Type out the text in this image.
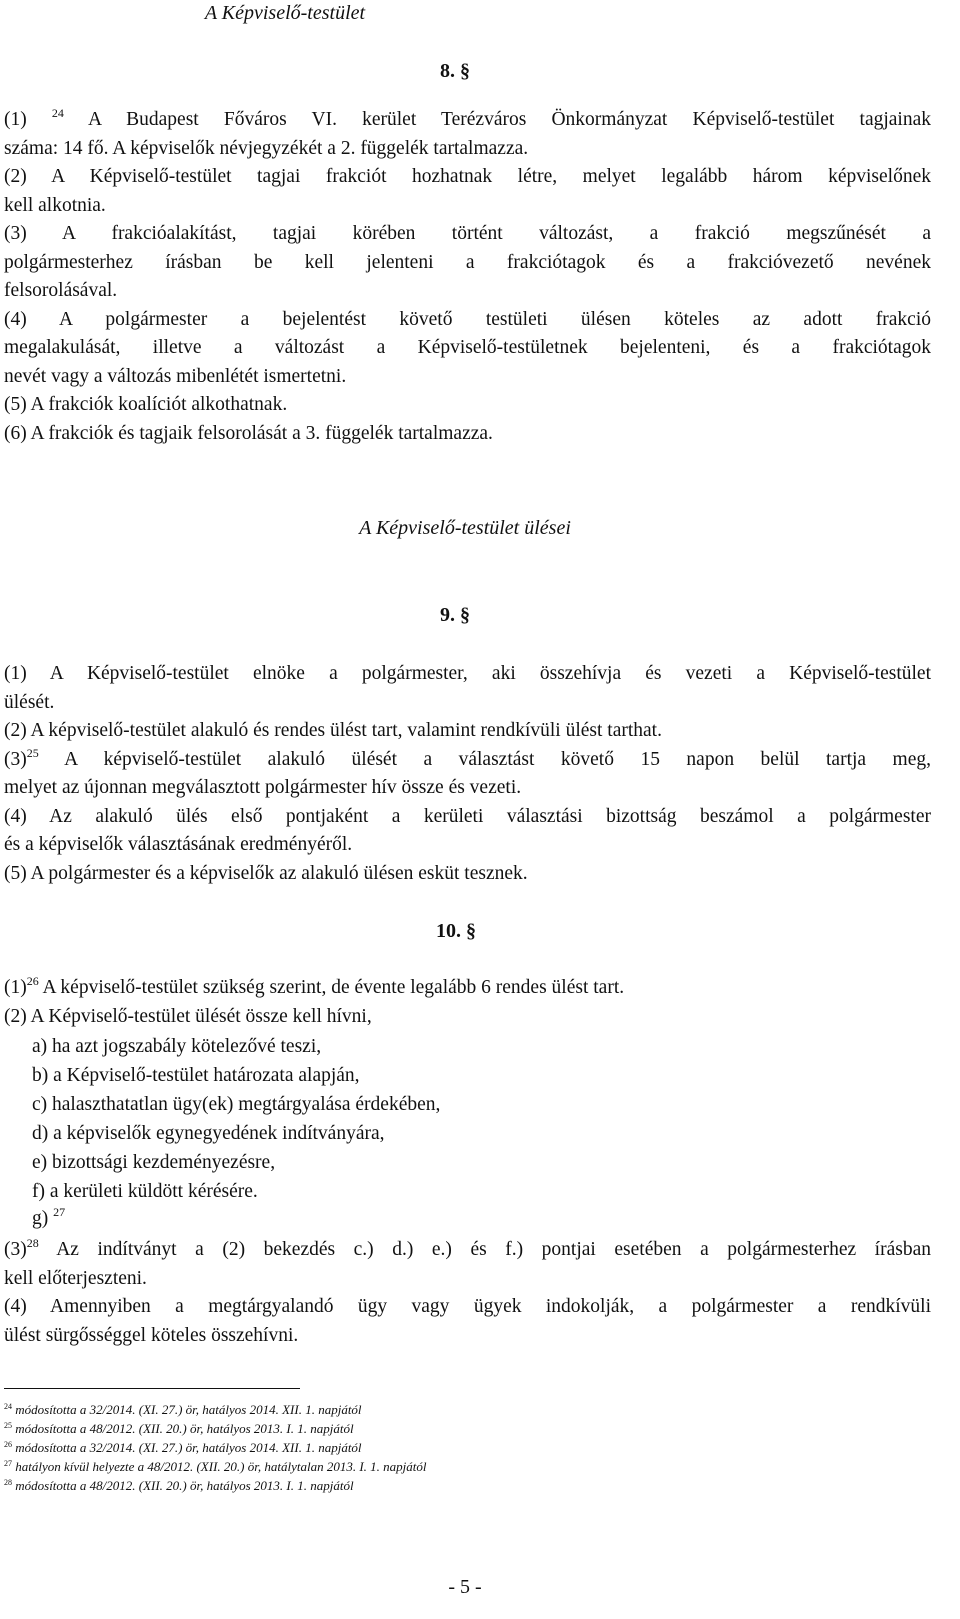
A Képviselő-testület
8. §
(1) $^{24}$ A Budapest Főváros VI. kerület Terézváros Önkormányzat Képviselő-testület tagjainak
száma: 14 fő. A képviselők névjegyzékét a 2. függelék tartalmazza.
(2) A Képviselő-testület tagjai frakciót hozhatnak létre, melyet legalább három képviselőnek
kell alkotnia.
(3) A frakcióalakítást, tagjai körében történt változást, a frakció megszűnését a
polgármesterhez írásban be kell jelenteni a frakciótagok és a frakcióvezető nevének
felsorolásával.
(4) A polgármester a bejelentést követő testületi ülésen köteles az adott frakció
megalakulását, illetve a változást a Képviselő-testületnek bejelenteni, és a frakciótagok
nevét vagy a változás mibenlétét ismertetni.
(5) A frakciók koalíciót alkothatnak.
(6) A frakciók és tagjaik felsorolását a 3. függelék tartalmazza.
A Képviselő-testület ülései
9. §
(1) A Képviselő-testület elnöke a polgármester, aki összehívja és vezeti a Képviselő-testület
ülését.
(2) A képviselő-testület alakuló és rendes ülést tart, valamint rendkívüli ülést tarthat.
$(3)^{25}$ A képviselő-testület alakuló ülését a választást követő 15 napon belül tartja meg,
melyet az újonnan megválasztott polgármester hív össze és vezeti.
(4) Az alakuló ülés első pontjaként a kerületi választási bizottság beszámol a polgármester
és a képviselők választásának eredményéről.
(5) A polgármester és a képviselők az alakuló ülésen esküt tesznek.
10. §
$(1)^{26}$ A képviselő-testület szükség szerint, de évente legalább 6 rendes ülést tart.
(2) A Képviselő-testület ülését össze kell hívni,
a) ha azt jogszabály kötelezővé teszi,
b) a Képviselő-testület határozata alapján,
c) halaszthatatlan ügy(ek) megtárgyalása érdekében,
d) a képviselők egynegyedének indítványára,
e) bizottsági kezdeményezésre,
f) a kerületi küldött kérésére.
g) $^{27}$
$(3)^{28}$ Az indítványt a (2) bekezdés c.) d.) e.) és f.) pontjai esetében a polgármesterhez írásban
kell előterjeszteni.
(4) Amennyiben a megtárgyalandó ügy vagy ügyek indokolják, a polgármester a rendkívüli
ülést sürgősséggel köteles összehívni.
$^{24}$ módosította a 32/2014. (XI. 27.) ör, hatályos 2014. XII. 1. napjától
$^{25}$ módosította a 48/2012. (XII. 20.) ör, hatályos 2013. I. 1. napjától
$^{26}$ módosította a 32/2014. (XI. 27.) ör, hatályos 2014. XII. 1. napjától
$^{27}$ hatályon kívül helyezte a 48/2012. (XII. 20.) ör, hatálytalan 2013. I. 1. napjától
$^{28}$ módosította a 48/2012. (XII. 20.) ör, hatályos 2013. I. 1. napjától
- 5 -
